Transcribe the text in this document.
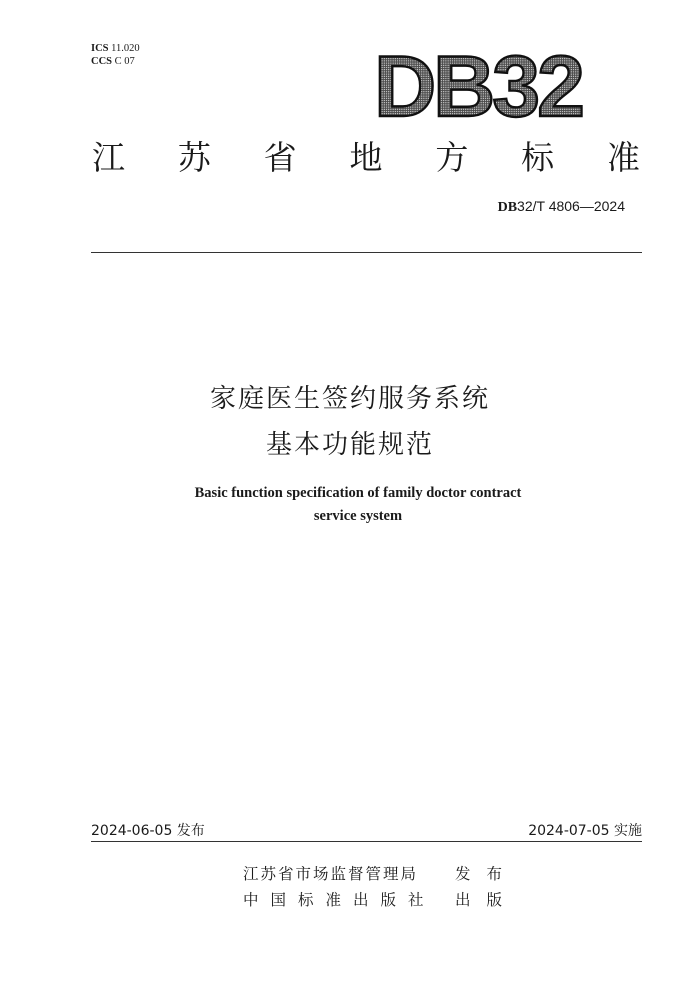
ICS 11.020
CCS C 07	DB32
江 苏 省 地 方 标 准
DB32/T 4806—2024
家庭医生签约服务系统
基本功能规范
Basic function specification of family doctor contract
service system
2024-06-05 发布	2024-07-05 实施
江苏省市场监督管理局 发布
中国标准出版社 出版
